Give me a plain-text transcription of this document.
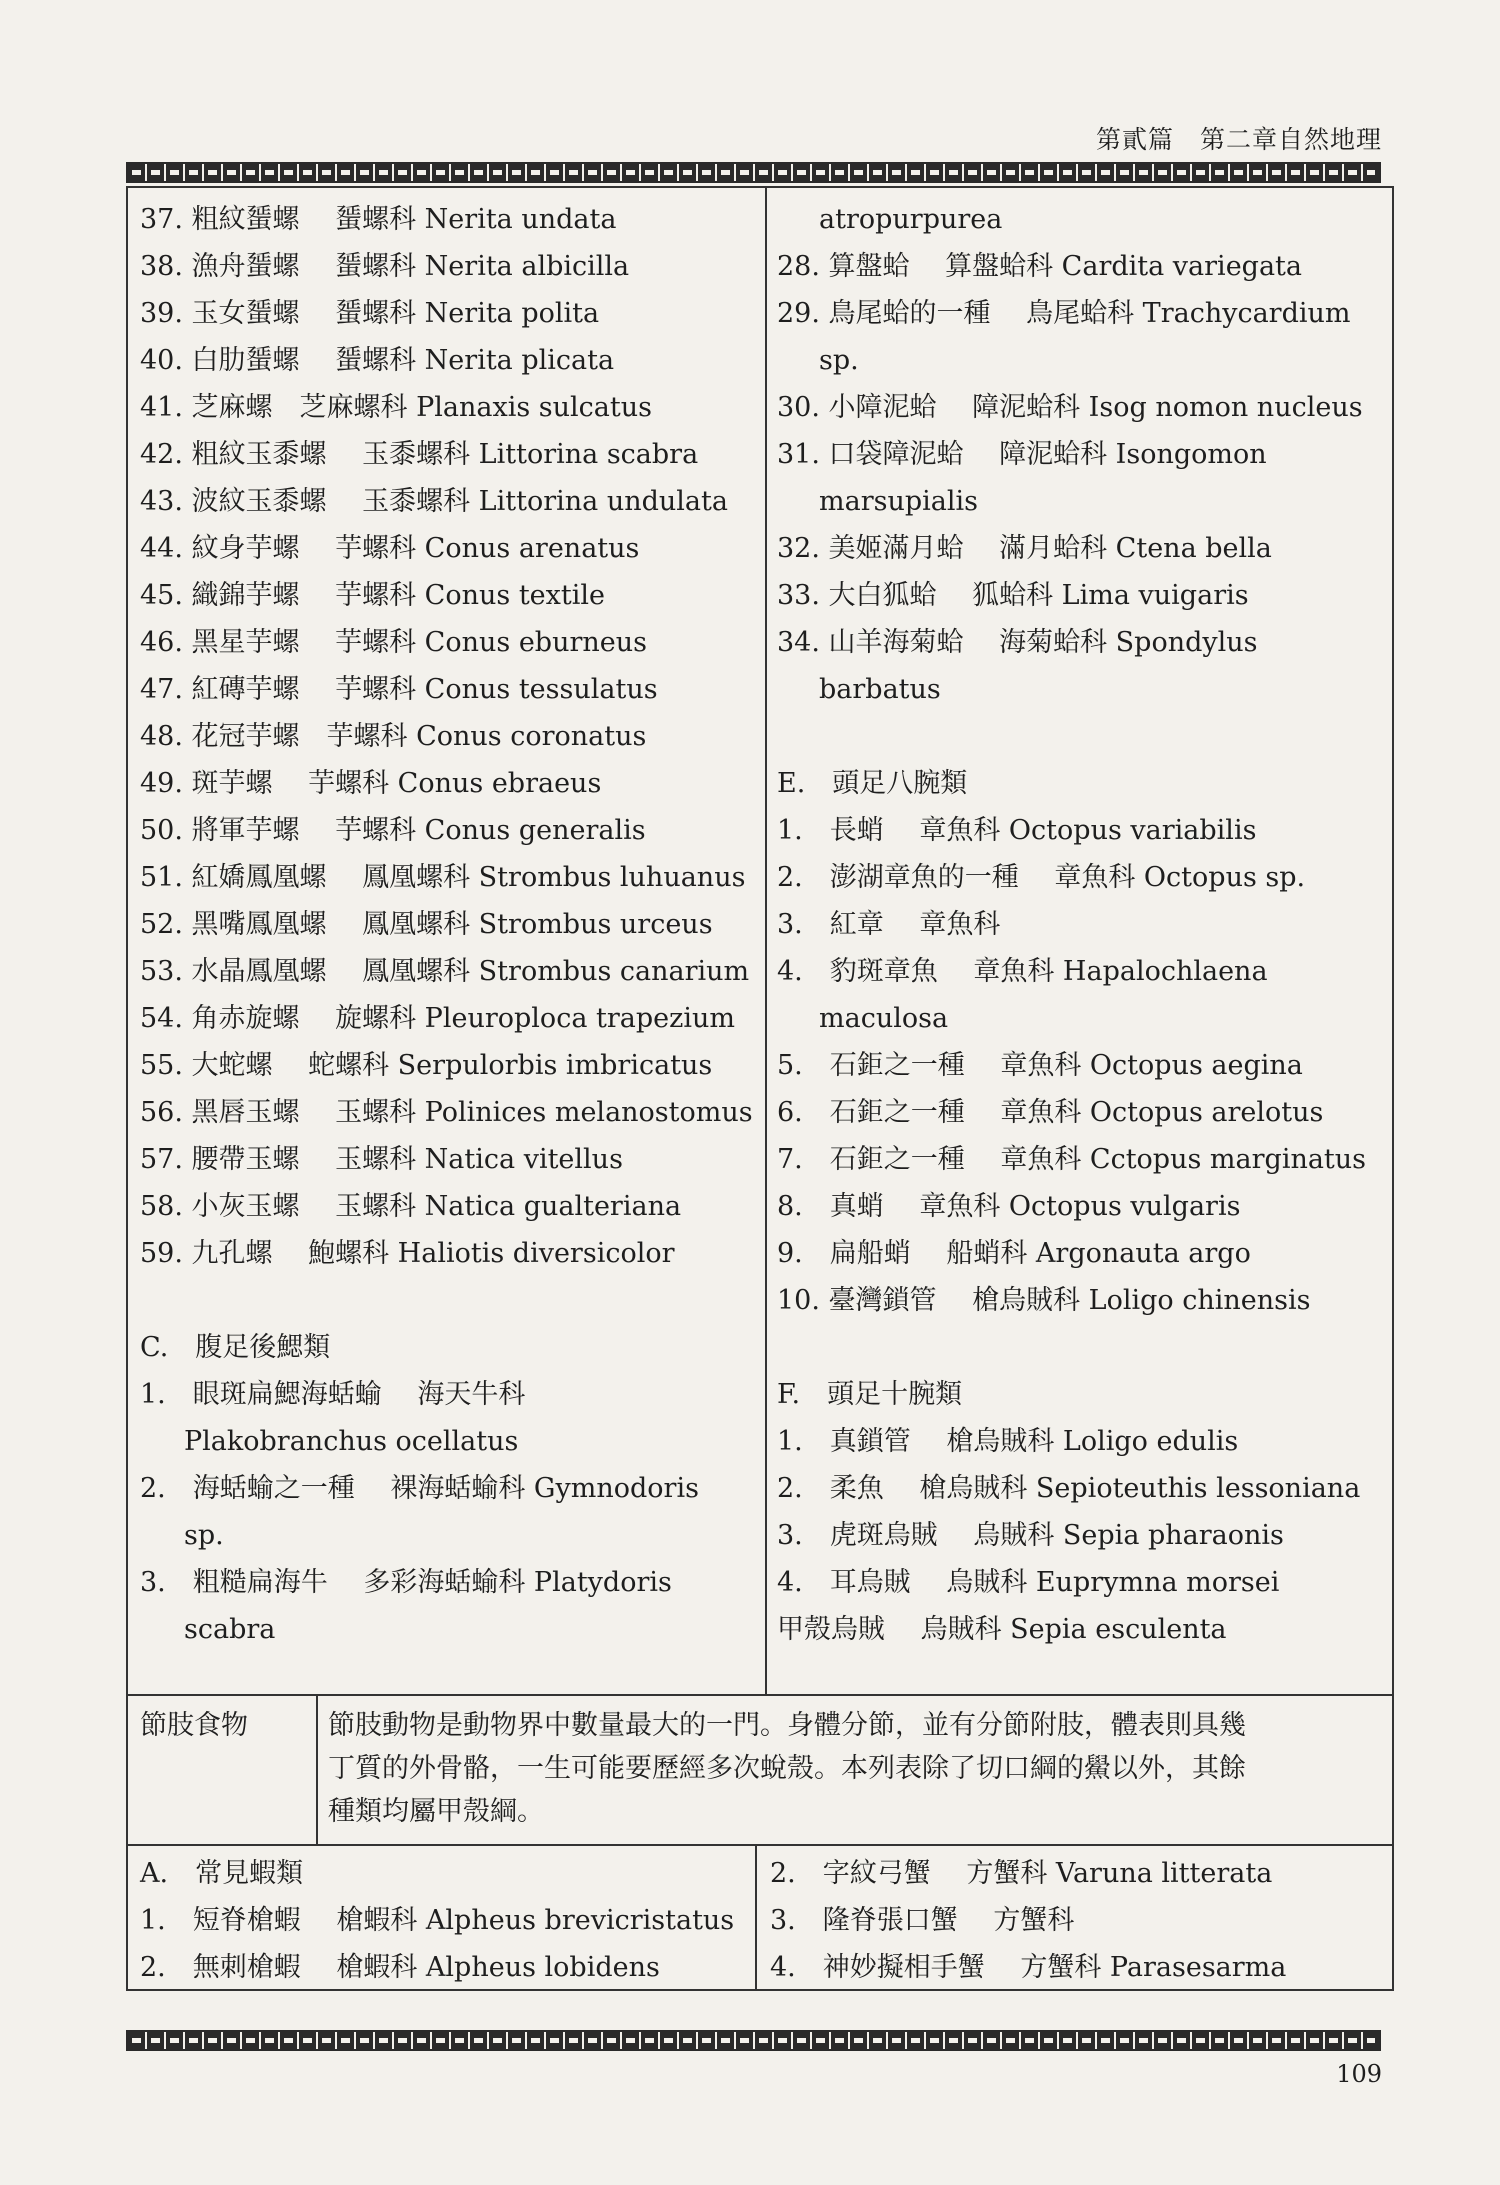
第貳篇　第二章自然地理
37. 粗紋蜑螺　 蜑螺科 Nerita undata
38. 漁舟蜑螺　 蜑螺科 Nerita albicilla
39. 玉女蜑螺　 蜑螺科 Nerita polita
40. 白肋蜑螺　 蜑螺科 Nerita plicata
41. 芝麻螺　芝麻螺科 Planaxis sulcatus
42. 粗紋玉黍螺　 玉黍螺科 Littorina scabra
43. 波紋玉黍螺　 玉黍螺科 Littorina undulata
44. 紋身芋螺　 芋螺科 Conus arenatus
45. 織錦芋螺　 芋螺科 Conus textile
46. 黑星芋螺　 芋螺科 Conus eburneus
47. 紅磚芋螺　 芋螺科 Conus tessulatus
48. 花冠芋螺　芋螺科 Conus coronatus
49. 斑芋螺　 芋螺科 Conus ebraeus
50. 將軍芋螺　 芋螺科 Conus generalis
51. 紅嬌鳳凰螺　 鳳凰螺科 Strombus luhuanus
52. 黑嘴鳳凰螺　 鳳凰螺科 Strombus urceus
53. 水晶鳳凰螺　 鳳凰螺科 Strombus canarium
54. 角赤旋螺　 旋螺科 Pleuroploca trapezium
55. 大蛇螺　 蛇螺科 Serpulorbis imbricatus
56. 黑唇玉螺　 玉螺科 Polinices melanostomus
57. 腰帶玉螺　 玉螺科 Natica vitellus
58. 小灰玉螺　 玉螺科 Natica gualteriana
59. 九孔螺　 鮑螺科 Haliotis diversicolor
C.　腹足後鰓類
1.　眼斑扁鰓海蛞蝓　 海天牛科
Plakobranchus ocellatus
2.　海蛞蝓之一種　 裸海蛞蝓科 Gymnodoris
sp.
3.　粗糙扁海牛　 多彩海蛞蝓科 Platydoris
scabra
atropurpurea
28. 算盤蛤　 算盤蛤科 Cardita variegata
29. 鳥尾蛤的一種　 鳥尾蛤科 Trachycardium
sp.
30. 小障泥蛤　 障泥蛤科 Isog nomon nucleus
31. 口袋障泥蛤　 障泥蛤科 Isongomon
marsupialis
32. 美姬滿月蛤　 滿月蛤科 Ctena bella
33. 大白狐蛤　 狐蛤科 Lima vuigaris
34. 山羊海菊蛤　 海菊蛤科 Spondylus
barbatus
E.　頭足八腕類
1.　長蛸　 章魚科 Octopus variabilis
2.　澎湖章魚的一種　 章魚科 Octopus sp.
3.　紅章　 章魚科
4.　豹斑章魚　 章魚科 Hapalochlaena
maculosa
5.　石鉅之一種　 章魚科 Octopus aegina
6.　石鉅之一種　 章魚科 Octopus arelotus
7.　石鉅之一種　 章魚科 Cctopus marginatus
8.　真蛸　 章魚科 Octopus vulgaris
9.　扁船蛸　 船蛸科 Argonauta argo
10. 臺灣鎖管　 槍烏賊科 Loligo chinensis
F.　頭足十腕類
1.　真鎖管　 槍烏賊科 Loligo edulis
2.　柔魚　 槍烏賊科 Sepioteuthis lessoniana
3.　虎斑烏賊　 烏賊科 Sepia pharaonis
4.　耳烏賊　 烏賊科 Euprymna morsei
甲殼烏賊　 烏賊科 Sepia esculenta
節肢食物	節肢動物是動物界中數量最大的一門。身體分節，並有分節附肢，體表則具幾
丁質的外骨骼，一生可能要歷經多次蛻殼。本列表除了切口綱的鱟以外，其餘
種類均屬甲殼綱。
A.　常見蝦類
1.　短脊槍蝦　 槍蝦科 Alpheus brevicristatus
2.　無刺槍蝦　 槍蝦科 Alpheus lobidens
2.　字紋弓蟹　 方蟹科 Varuna litterata
3.　隆脊張口蟹　 方蟹科
4.　神妙擬相手蟹　 方蟹科 Parasesarma
109
